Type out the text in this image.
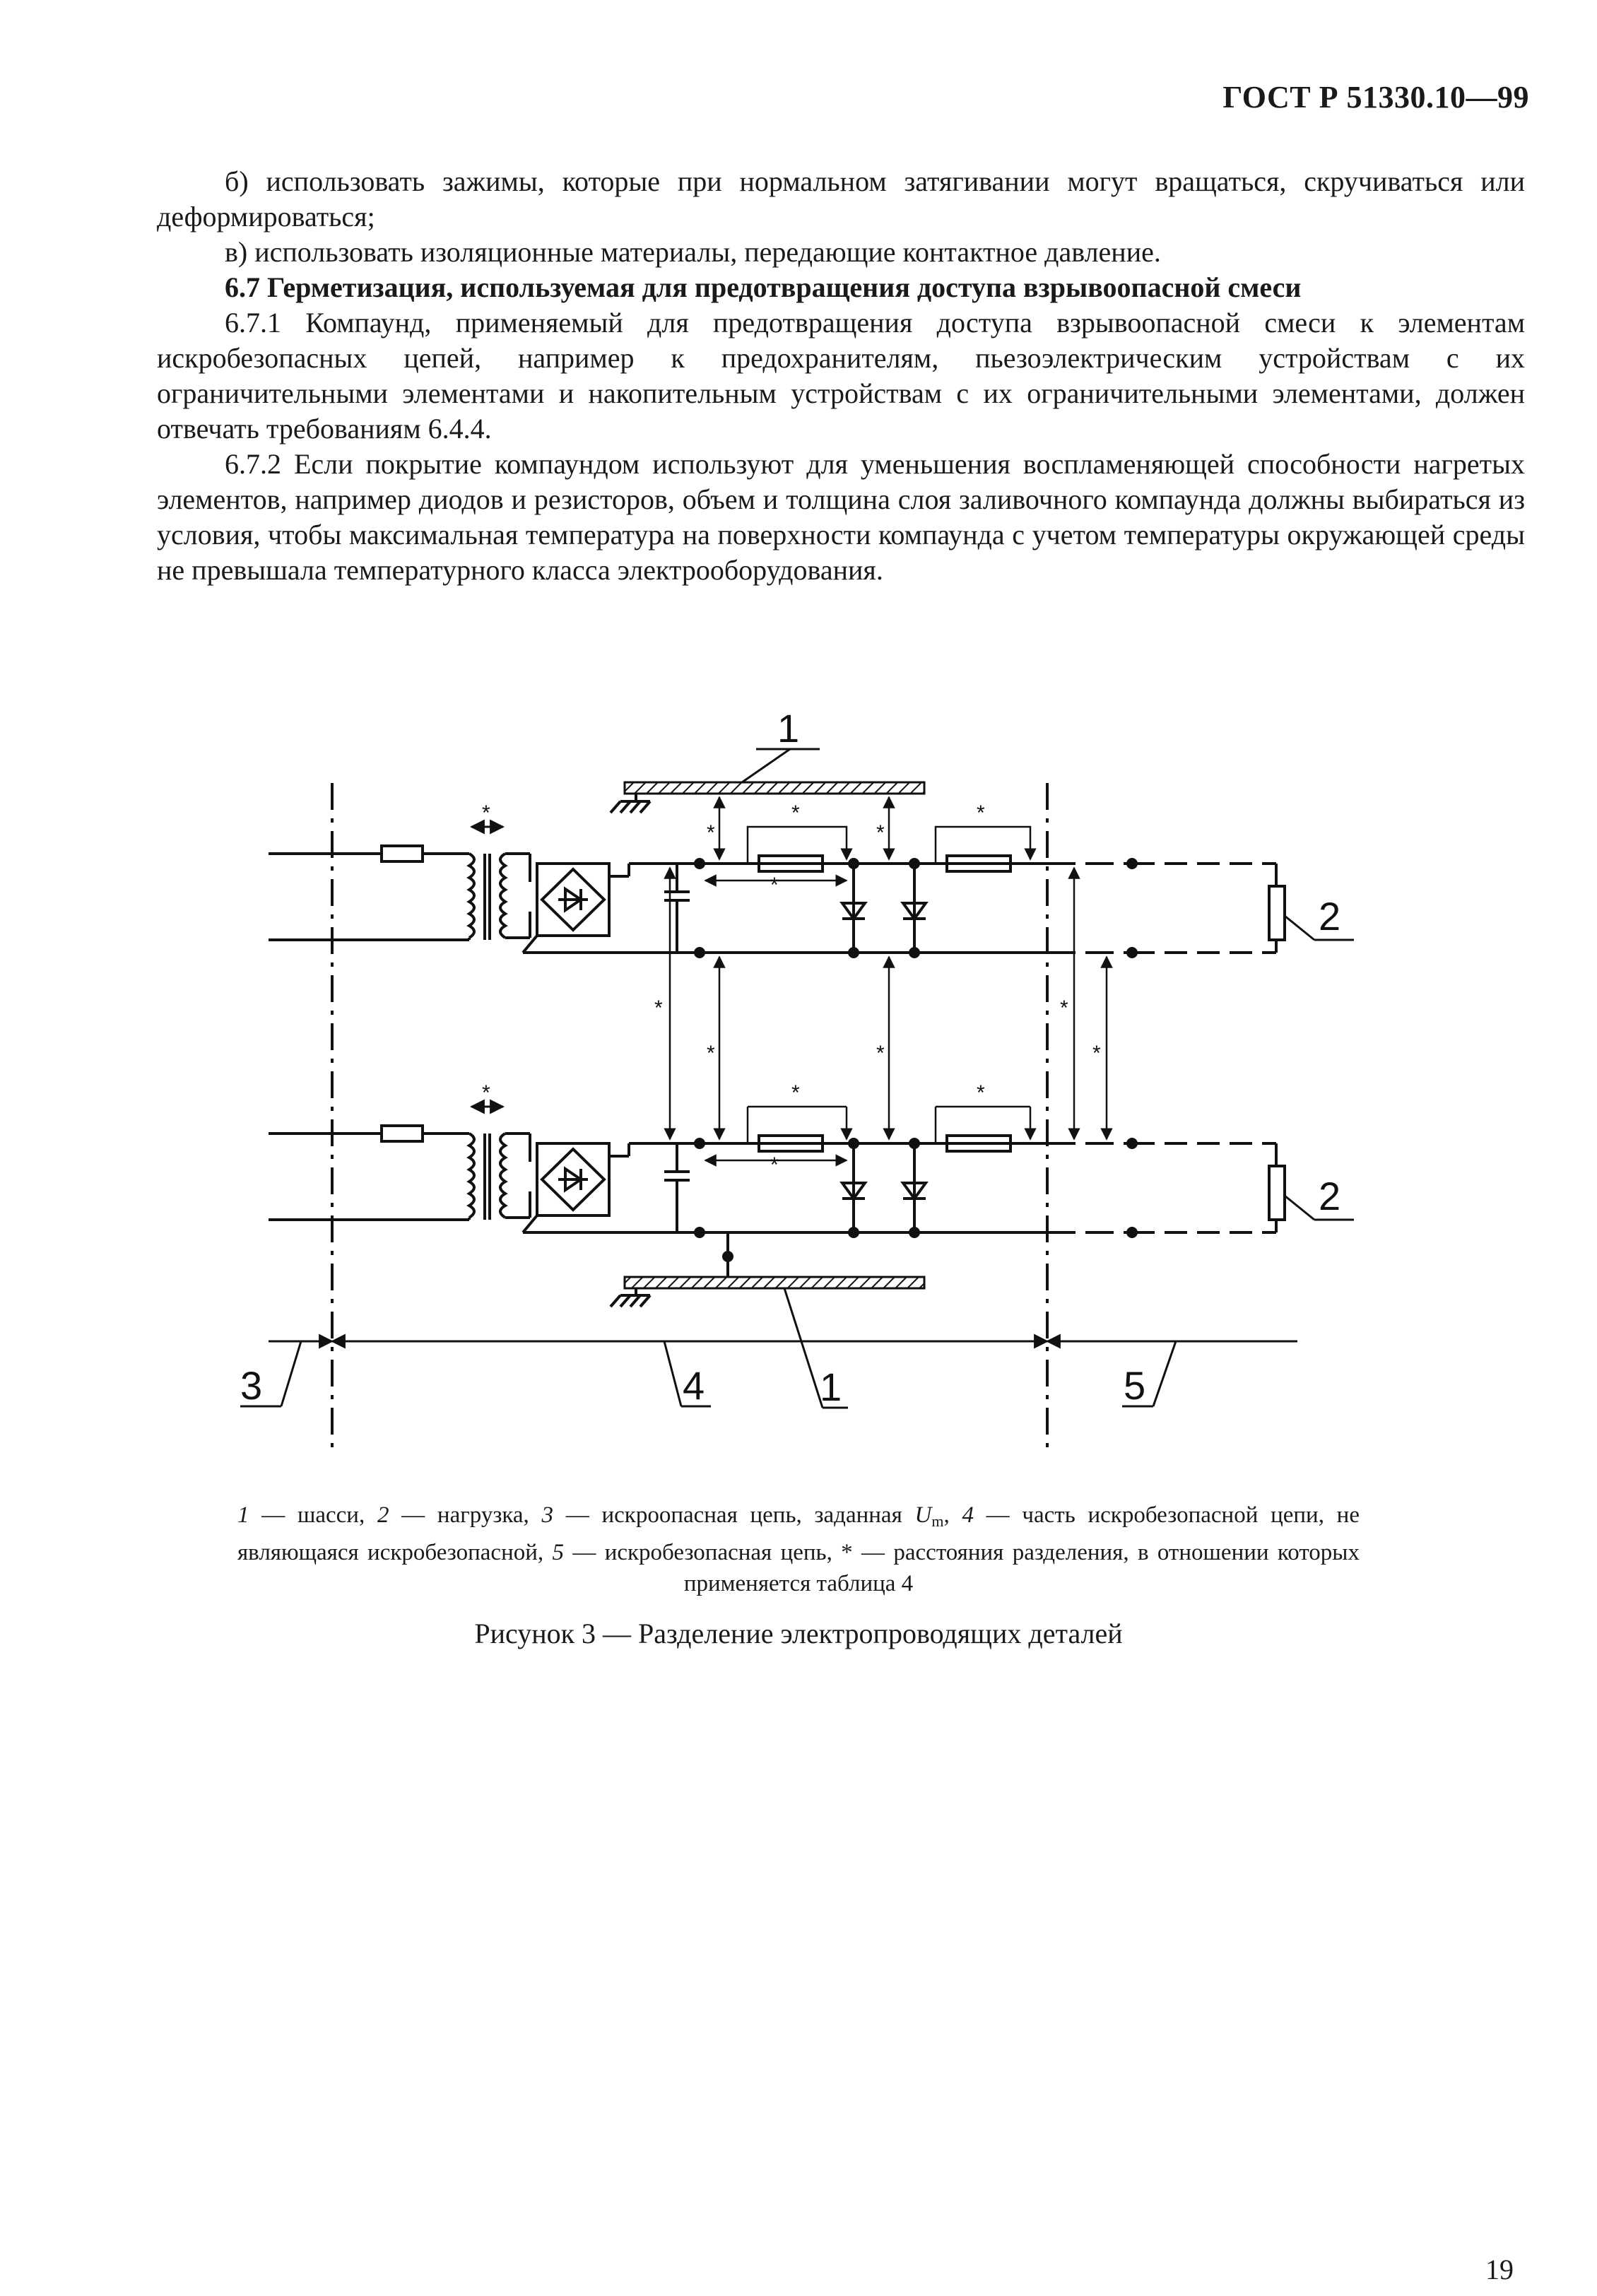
ГОСТ Р 51330.10—99

б) использовать зажимы, которые при нормальном затягивании могут вращаться, скручиваться или деформироваться;

в) использовать изоляционные материалы, передающие контактное давление.

6.7 Герметизация, используемая для предотвращения доступа взрывоопасной смеси

6.7.1 Компаунд, применяемый для предотвращения доступа взрывоопасной смеси к элементам искробезопасных цепей, например к предохранителям, пьезоэлектрическим устройствам с их ограничительными элементами и накопительным устройствам с их ограничительными элементами, должен отвечать требованиям 6.4.4.

6.7.2 Если покрытие компаундом используют для уменьшения воспламеняющей способности нагретых элементов, например диодов и резисторов, объем и толщина слоя заливочного компаунда должны выбираться из условия, чтобы максимальная температура на поверхности компаунда с учетом температуры окружающей среды не превышала температурного класса электрооборудования.

1
1
2
2
3	4	5
*	*	*
*	*
*
*	*	*
*
*
*	*
*
*
1 — шасси, 2 — нагрузка, 3 — искроопасная цепь, заданная $U_m$, 4 — часть искробезопасной цепи, не являющаяся искробезопасной, 5 — искробезопасная цепь, * — расстояния разделения, в отношении которых применяется таблица 4
Рисунок 3 — Разделение электропроводящих деталей
19
